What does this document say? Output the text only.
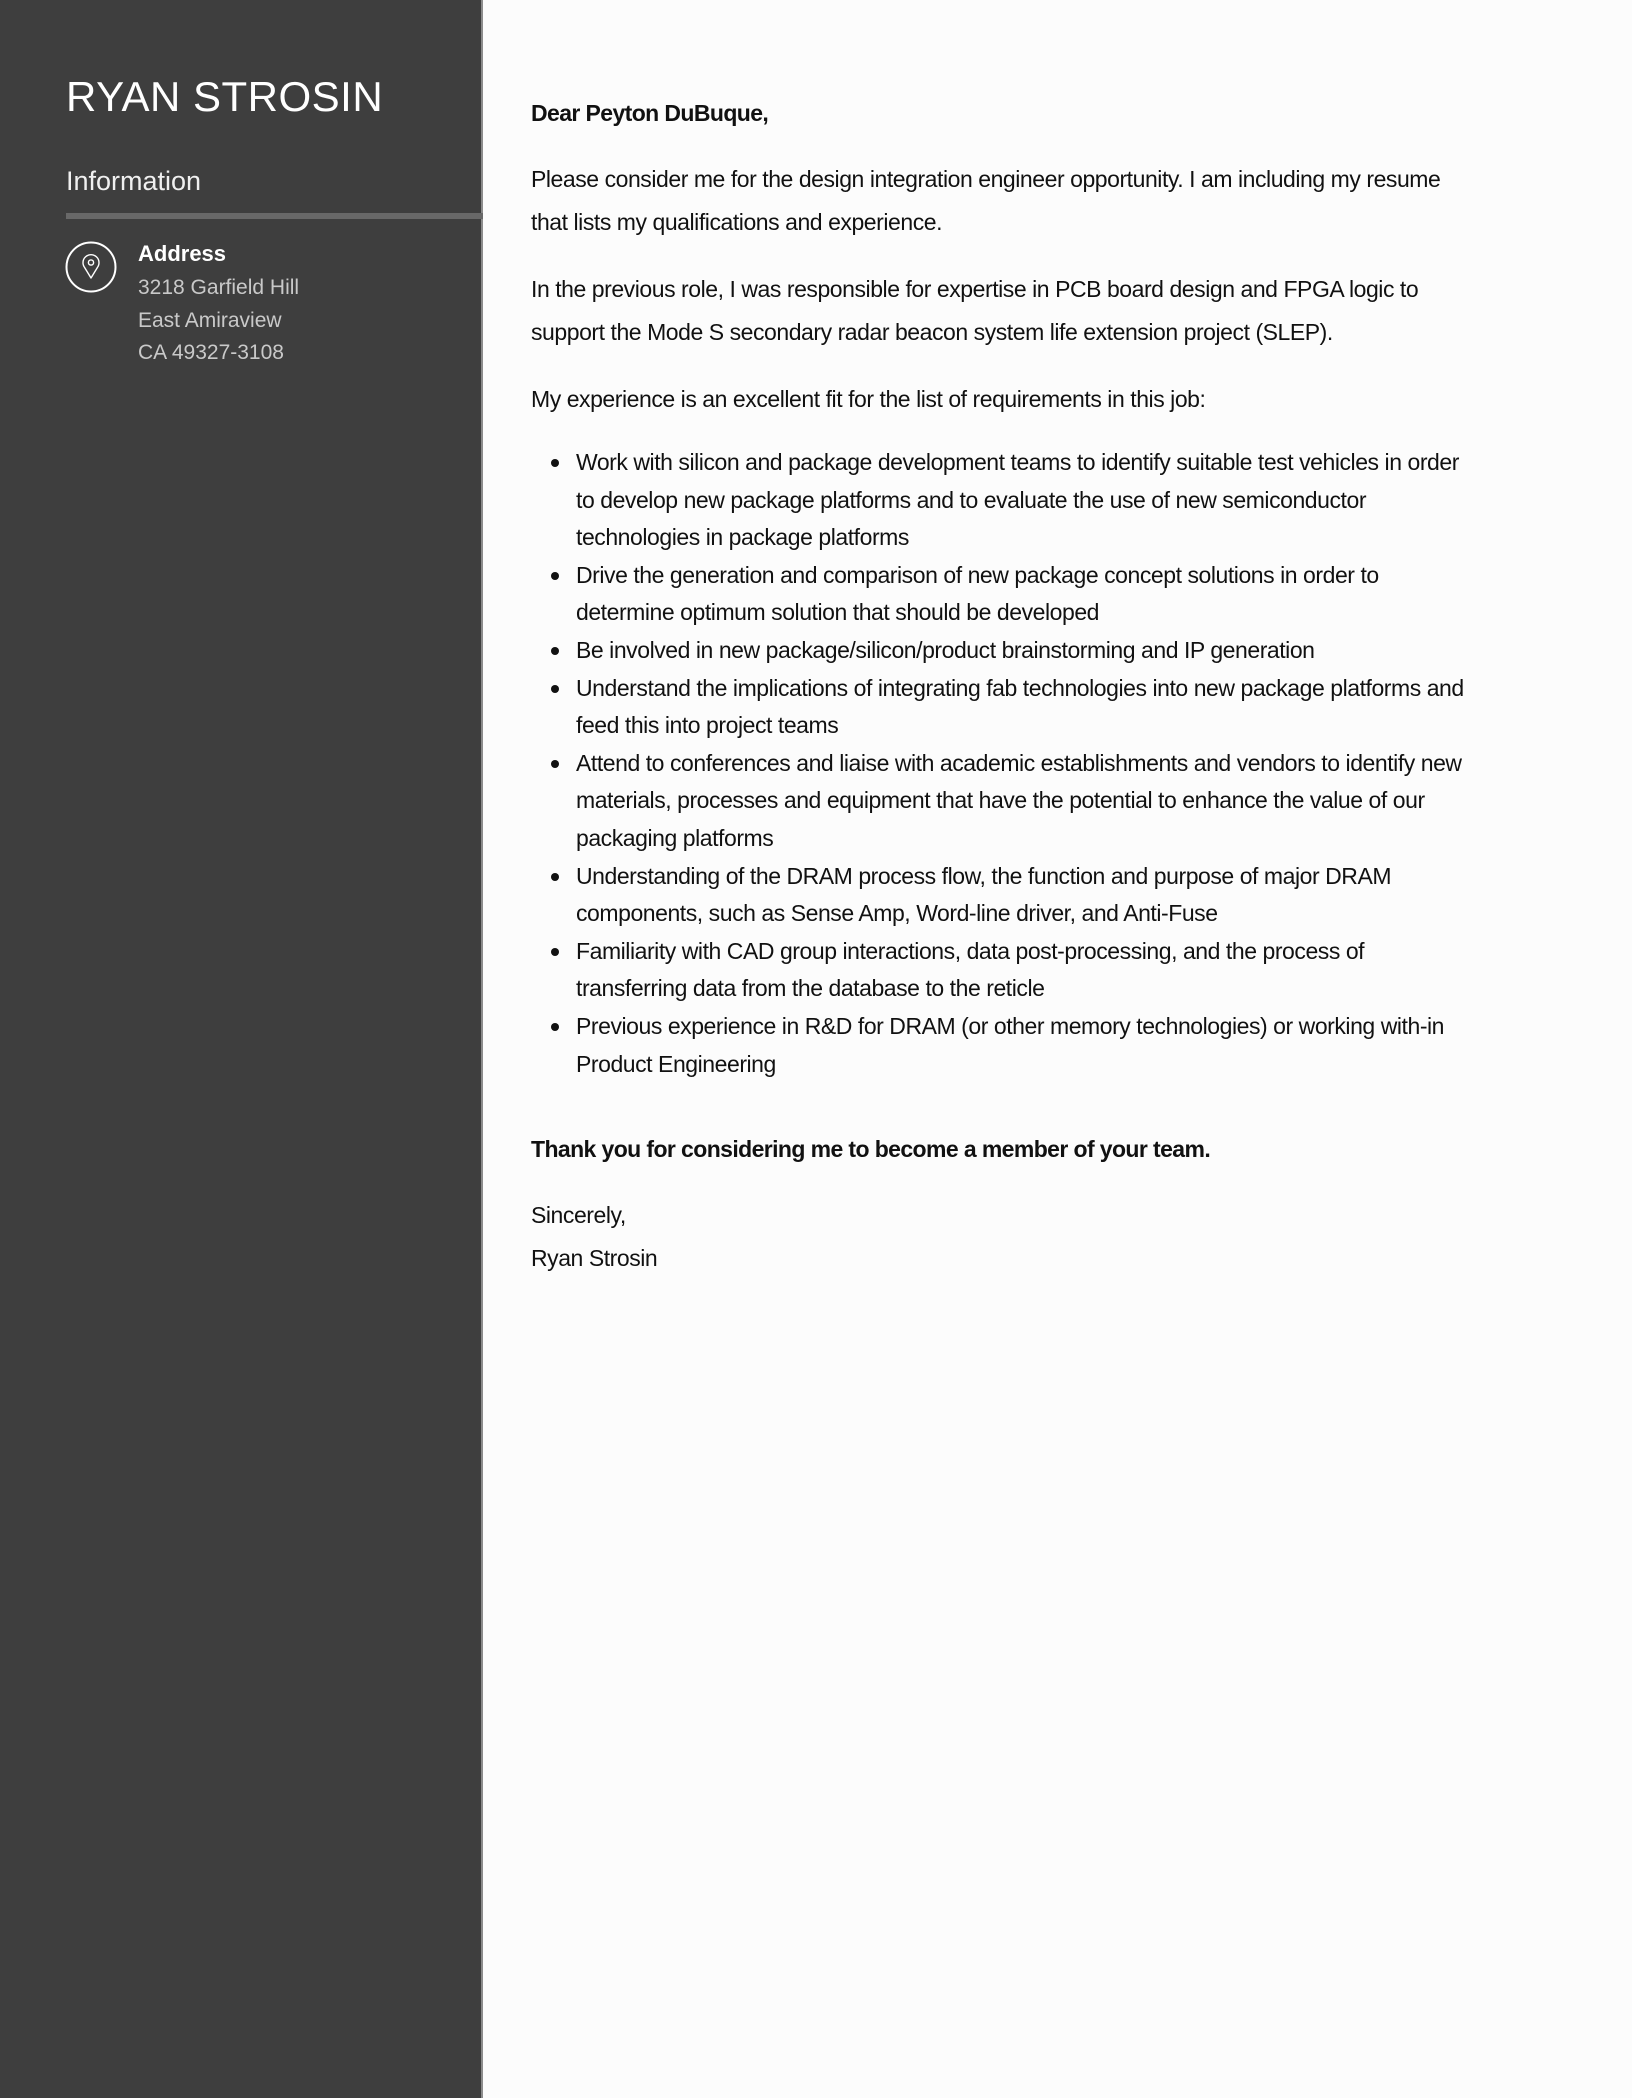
RYAN STROSIN
Information
Address
3218 Garfield Hill
East Amiraview
CA 49327-3108

Dear Peyton DuBuque,

Please consider me for the design integration engineer opportunity. I am including my resume
that lists my qualifications and experience.

In the previous role, I was responsible for expertise in PCB board design and FPGA logic to
support the Mode S secondary radar beacon system life extension project (SLEP).

My experience is an excellent fit for the list of requirements in this job:

Work with silicon and package development teams to identify suitable test vehicles in order
to develop new package platforms and to evaluate the use of new semiconductor
technologies in package platforms
Drive the generation and comparison of new package concept solutions in order to
determine optimum solution that should be developed
Be involved in new package/silicon/product brainstorming and IP generation
Understand the implications of integrating fab technologies into new package platforms and
feed this into project teams
Attend to conferences and liaise with academic establishments and vendors to identify new
materials, processes and equipment that have the potential to enhance the value of our
packaging platforms
Understanding of the DRAM process flow, the function and purpose of major DRAM
components, such as Sense Amp, Word-line driver, and Anti-Fuse
Familiarity with CAD group interactions, data post-processing, and the process of
transferring data from the database to the reticle
Previous experience in R&D for DRAM (or other memory technologies) or working with-in
Product Engineering

Thank you for considering me to become a member of your team.

Sincerely,
Ryan Strosin
